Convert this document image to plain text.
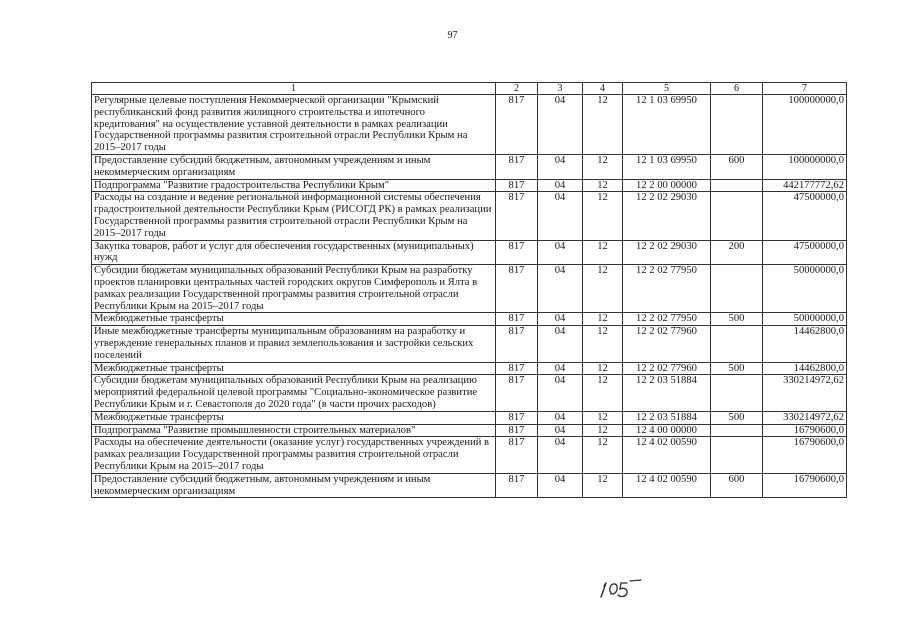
97
1	2	3	4	5	6	7
Регулярные целевые поступления Некоммерческой организации "Крымский республиканский фонд развития жилищного строительства и ипотечного кредитования" на осуществление уставной деятельности в рамках реализации Государственной программы развития строительной отрасли Республики Крым на 2015–2017 годы	817	04	12	12 1 03 69950		100000000,0
Предоставление субсидий бюджетным, автономным учреждениям и иным некоммерческим организациям	817	04	12	12 1 03 69950	600	100000000,0
Подпрограмма "Развитие градостроительства Республики Крым"	817	04	12	12 2 00 00000		442177772,62
Расходы на создание и ведение региональной информационной системы обеспечения градостроительной деятельности Республики Крым (РИСОГД РК) в рамках реализации Государственной программы развития строительной отрасли Республики Крым на 2015–2017 годы	817	04	12	12 2 02 29030		47500000,0
Закупка товаров, работ и услуг для обеспечения государственных (муниципальных) нужд	817	04	12	12 2 02 29030	200	47500000,0
Субсидии бюджетам муниципальных образований Республики Крым на разработку проектов планировки центральных частей городских округов Симферополь и Ялта в рамках реализации Государственной программы развития строительной отрасли Республики Крым на 2015–2017 годы	817	04	12	12 2 02 77950		50000000,0
Межбюджетные трансферты	817	04	12	12 2 02 77950	500	50000000,0
Иные межбюджетные трансферты муниципальным образованиям на разработку и утверждение генеральных планов и правил землепользования и застройки сельских поселений	817	04	12	12 2 02 77960		14462800,0
Межбюджетные трансферты	817	04	12	12 2 02 77960	500	14462800,0
Субсидии бюджетам муниципальных образований Республики Крым на реализацию мероприятий федеральной целевой программы "Социально-экономическое развитие Республики Крым и г. Севастополя до 2020 года" (в части прочих расходов)	817	04	12	12 2 03 51884		330214972,62
Межбюджетные трансферты	817	04	12	12 2 03 51884	500	330214972,62
Подпрограмма "Развитие промышленности строительных материалов"	817	04	12	12 4 00 00000		16790600,0
Расходы на обеспечение деятельности (оказание услуг) государственных учреждений в рамках реализации Государственной программы развития строительной отрасли Республики Крым на 2015–2017 годы	817	04	12	12 4 02 00590		16790600,0
Предоставление субсидий бюджетным, автономным учреждениям и иным некоммерческим организациям	817	04	12	12 4 02 00590	600	16790600,0
